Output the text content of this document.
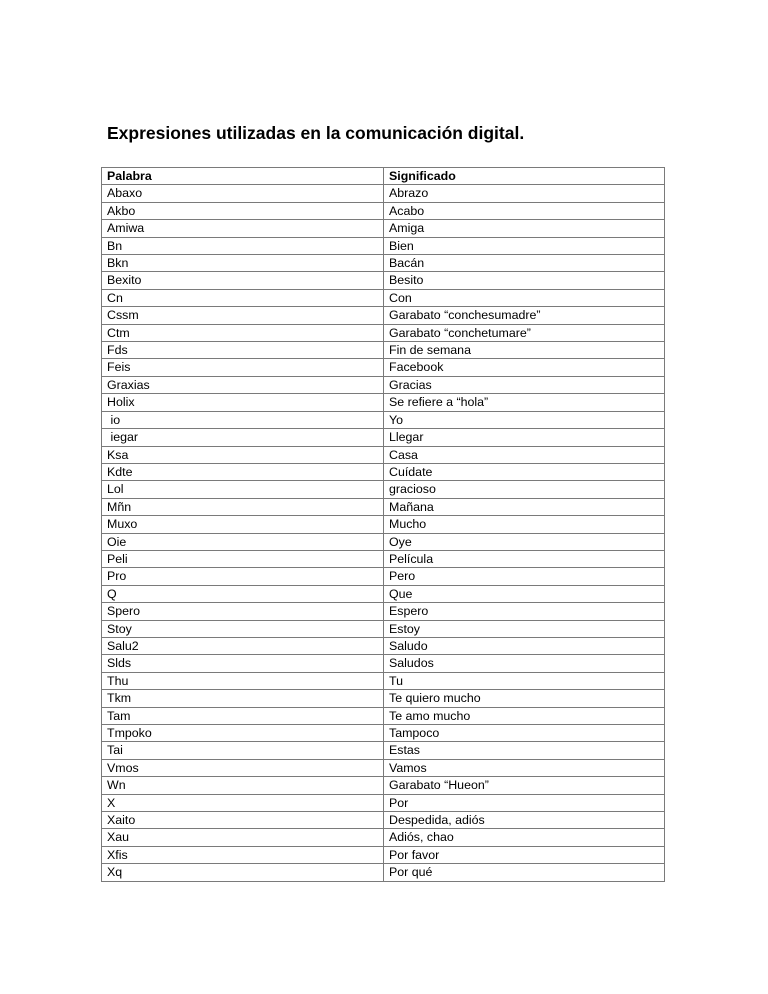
Expresiones utilizadas en la comunicación digital.
Palabra	Significado
Abaxo	Abrazo
Akbo	Acabo
Amiwa	Amiga
Bn	Bien
Bkn	Bacán
Bexito	Besito
Cn	Con
Cssm	Garabato “conchesumadre”
Ctm	Garabato “conchetumare”
Fds	Fin de semana
Feis	Facebook
Graxias	Gracias
Holix	Se refiere a “hola”
io	Yo
iegar	Llegar
Ksa	Casa
Kdte	Cuídate
Lol	gracioso
Mñn	Mañana
Muxo	Mucho
Oie	Oye
Peli	Película
Pro	Pero
Q	Que
Spero	Espero
Stoy	Estoy
Salu2	Saludo
Slds	Saludos
Thu	Tu
Tkm	Te quiero mucho
Tam	Te amo mucho
Tmpoko	Tampoco
Tai	Estas
Vmos	Vamos
Wn	Garabato “Hueon”
X	Por
Xaito	Despedida, adiós
Xau	Adiós, chao
Xfis	Por favor
Xq	Por qué
